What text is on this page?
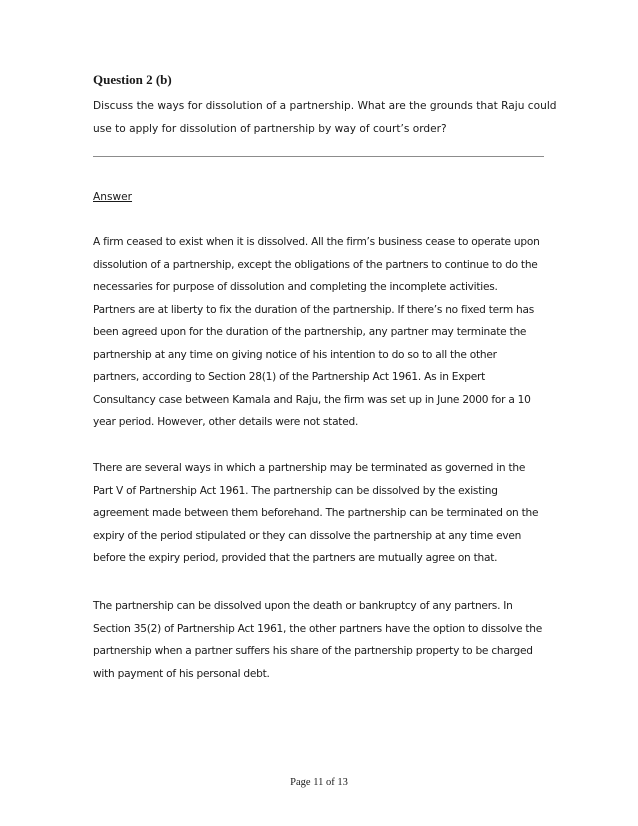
Question 2 (b)

Discuss the ways for dissolution of a partnership. What are the grounds that Raju could
use to apply for dissolution of partnership by way of court’s order?

Answer

A firm ceased to exist when it is dissolved. All the firm’s business cease to operate upon
dissolution of a partnership, except the obligations of the partners to continue to do the
necessaries for purpose of dissolution and completing the incomplete activities.
Partners are at liberty to fix the duration of the partnership. If there’s no fixed term has
been agreed upon for the duration of the partnership, any partner may terminate the
partnership at any time on giving notice of his intention to do so to all the other
partners, according to Section 28(1) of the Partnership Act 1961. As in Expert
Consultancy case between Kamala and Raju, the firm was set up in June 2000 for a 10
year period. However, other details were not stated.

There are several ways in which a partnership may be terminated as governed in the
Part V of Partnership Act 1961. The partnership can be dissolved by the existing
agreement made between them beforehand. The partnership can be terminated on the
expiry of the period stipulated or they can dissolve the partnership at any time even
before the expiry period, provided that the partners are mutually agree on that.

The partnership can be dissolved upon the death or bankruptcy of any partners. In
Section 35(2) of Partnership Act 1961, the other partners have the option to dissolve the
partnership when a partner suffers his share of the partnership property to be charged
with payment of his personal debt.

Page 11 of 13
